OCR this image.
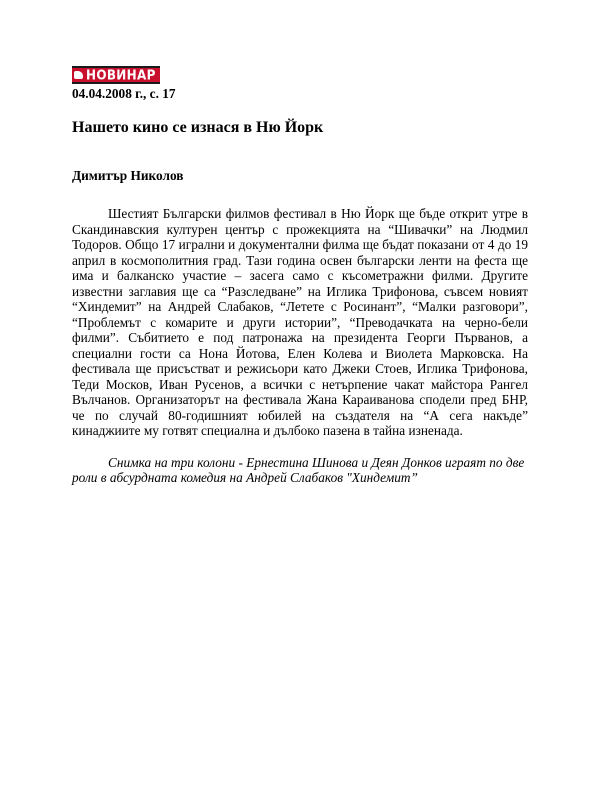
НОВИНАР
04.04.2008 г., с. 17
Нашето кино се изнася в Ню Йорк
Димитър Николов

Шестият Български филмов фестивал в Ню Йорк ще бъде открит утре в Скандинавския културен център с прожекцията на “Шивачки” на Людмил Тодоров. Общо 17 игрални и документални филма ще бъдат показани от 4 до 19 април в космополитния град. Тази година освен български ленти на феста ще има и балканско участие – засега само с късометражни филми. Другите известни заглавия ще са “Разследване” на Иглика Трифонова, съвсем новият “Хиндемит” на Андрей Слабаков, “Летете с Росинант”, “Малки разговори”, “Проблемът с комарите и други истории”, “Преводачката на черно-бели филми”. Събитието е под патронажа на президента Георги Първанов, а специални гости са Нона Йотова, Елен Колева и Виолета Марковска. На фестивала ще присъстват и режисьори като Джеки Стоев, Иглика Трифонова, Теди Москов, Иван Русенов, а всички с нетърпение чакат майстора Рангел Вълчанов. Организаторът на фестивала Жана Караиванова сподели пред БНР, че по случай 80-годишният юбилей на създателя на “А сега накъде” кинаджиите му готвят специална и дълбоко пазена в тайна изненада.

Снимка на три колони - Ернестина Шинова и Деян Донков играят по две роли в абсурдната комедия на Андрей Слабаков "Хиндемит”
